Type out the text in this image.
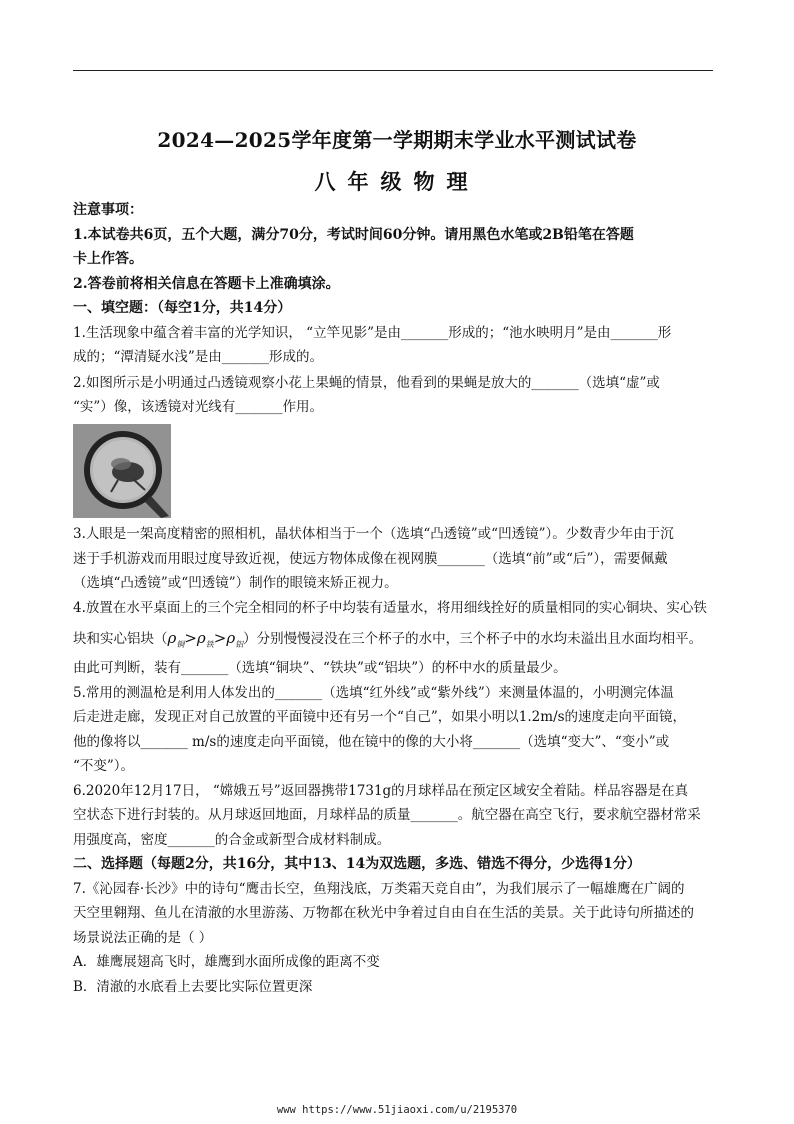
2024—2025学年度第一学期期末学业水平测试试卷
八年级物理
注意事项：
1.本试卷共6页，五个大题，满分70分，考试时间60分钟。请用黑色水笔或2B铅笔在答题
卡上作答。
2.答卷前将相关信息在答题卡上准确填涂。
一、填空题：（每空1分，共14分）
1.生活现象中蕴含着丰富的光学知识， “立竿见影”是由_______形成的；“池水映明月”是由_______形
成的；“潭清疑水浅”是由_______形成的。
2.如图所示是小明通过凸透镜观察小花上果蝇的情景，他看到的果蝇是放大的_______（选填“虚”或
“实”）像，该透镜对光线有_______作用。
3.人眼是一架高度精密的照相机，晶状体相当于一个（选填“凸透镜”或“凹透镜”）。少数青少年由于沉
迷于手机游戏而用眼过度导致近视，使远方物体成像在视网膜_______（选填“前”或“后”），需要佩戴
（选填“凸透镜”或“凹透镜”）制作的眼镜来矫正视力。
4.放置在水平桌面上的三个完全相同的杯子中均装有适量水，将用细线拴好的质量相同的实心铜块、实心铁
块和实心铝块$(\rho_铜>\rho_铁>\rho_铝)$分别慢慢浸没在三个杯子的水中，三个杯子中的水均未溢出且水面均相平。
由此可判断，装有_______（选填“铜块”、“铁块”或“铝块”）的杯中水的质量最少。
5.常用的测温枪是利用人体发出的_______（选填“红外线”或“紫外线”）来测量体温的，小明测完体温
后走进走廊，发现正对自己放置的平面镜中还有另一个“自己”，如果小明以1.2m/s的速度走向平面镜，
他的像将以_______ m/s的速度走向平面镜，他在镜中的像的大小将_______（选填“变大”、“变小”或
“不变”）。
6.2020年12月17日， “嫦娥五号”返回器携带1731g的月球样品在预定区域安全着陆。样品容器是在真
空状态下进行封装的。从月球返回地面，月球样品的质量_______。航空器在高空飞行，要求航空器材常采
用强度高，密度_______的合金或新型合成材料制成。
二、选择题（每题2分，共16分，其中13、14为双选题，多选、错选不得分，少选得1分）
7.《沁园春·长沙》中的诗句“鹰击长空，鱼翔浅底，万类霜天竞自由”，为我们展示了一幅雄鹰在广阔的
天空里翱翔、鱼儿在清澈的水里游荡、万物都在秋光中争着过自由自在生活的美景。关于此诗句所描述的
场景说法正确的是（ ）
A．雄鹰展翅高飞时，雄鹰到水面所成像的距离不变
B．清澈的水底看上去要比实际位置更深
www https://www.51jiaoxi.com/u/2195370
